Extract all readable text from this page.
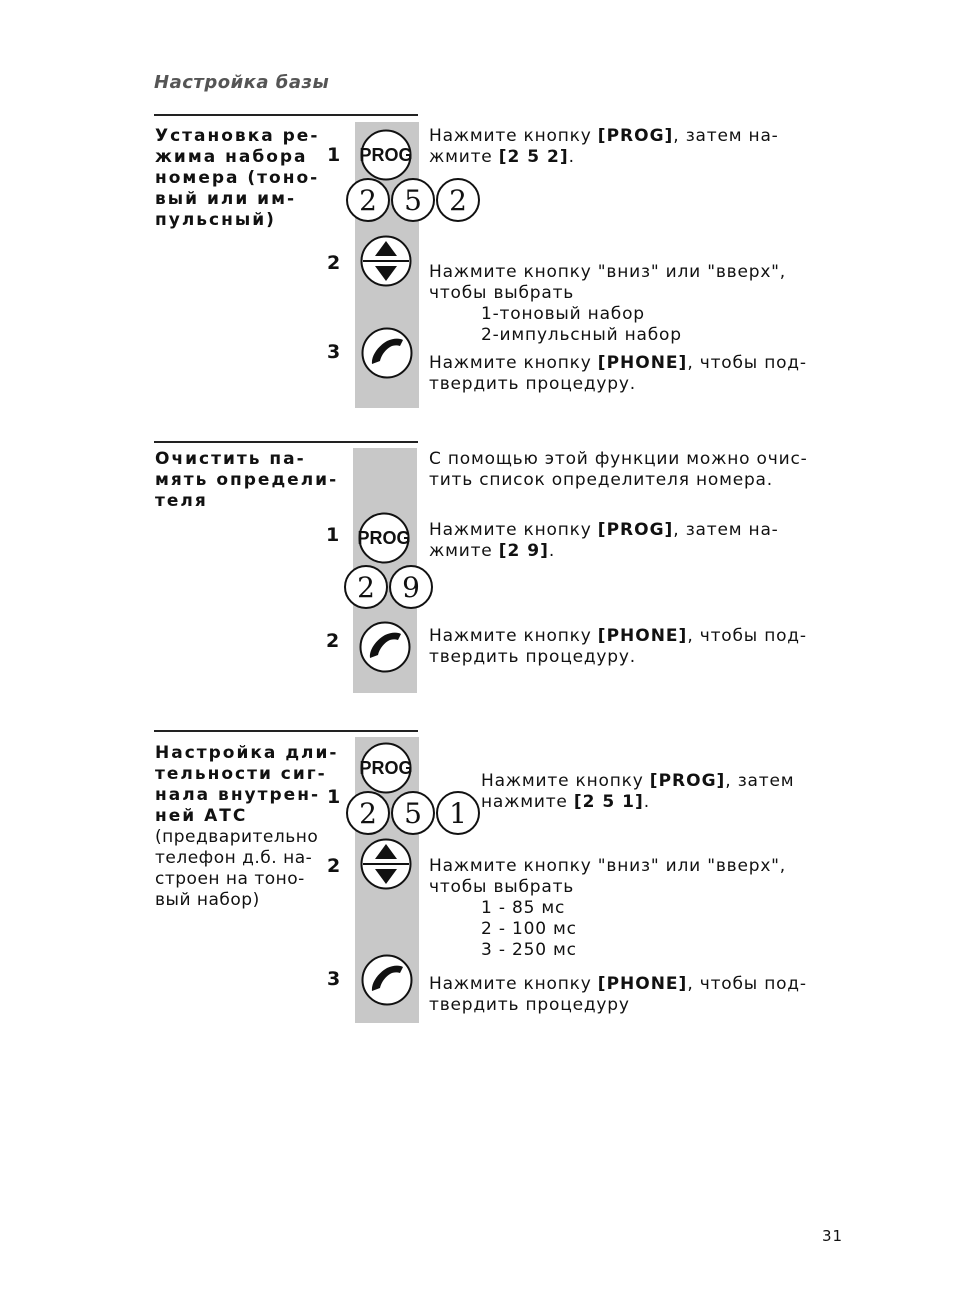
Настройка базы
Установка ре-
жима набора
номера (тоно-
вый или им-
пульсный)
1
2
3
PROG
2 5 2
Нажмите кнопку [PROG], затем на-
жмите [2 5 2].
Нажмите кнопку "вниз" или "вверх",
чтобы выбрать
1-тоновый набор
2-импульсный набор
Нажмите кнопку [PHONE], чтобы под-
твердить процедуру.
Очистить па-
мять определи-
теля
1
2
PROG
2 9
С помощью этой функции можно очис-
тить список определителя номера.
Нажмите кнопку [PROG], затем на-
жмите [2 9].
Нажмите кнопку [PHONE], чтобы под-
твердить процедуру.
Настройка дли-
тельности сиг-
нала внутрен-
ней АТС
(предварительно
телефон д.б. на-
строен на тоно-
вый набор)
1
2
3
PROG
2 5 1
Нажмите кнопку [PROG], затем
нажмите [2 5 1].
Нажмите кнопку "вниз" или "вверх",
чтобы выбрать
1 - 85 мс
2 - 100 мс
3 - 250 мс
Нажмите кнопку [PHONE], чтобы под-
твердить процедуру
31
